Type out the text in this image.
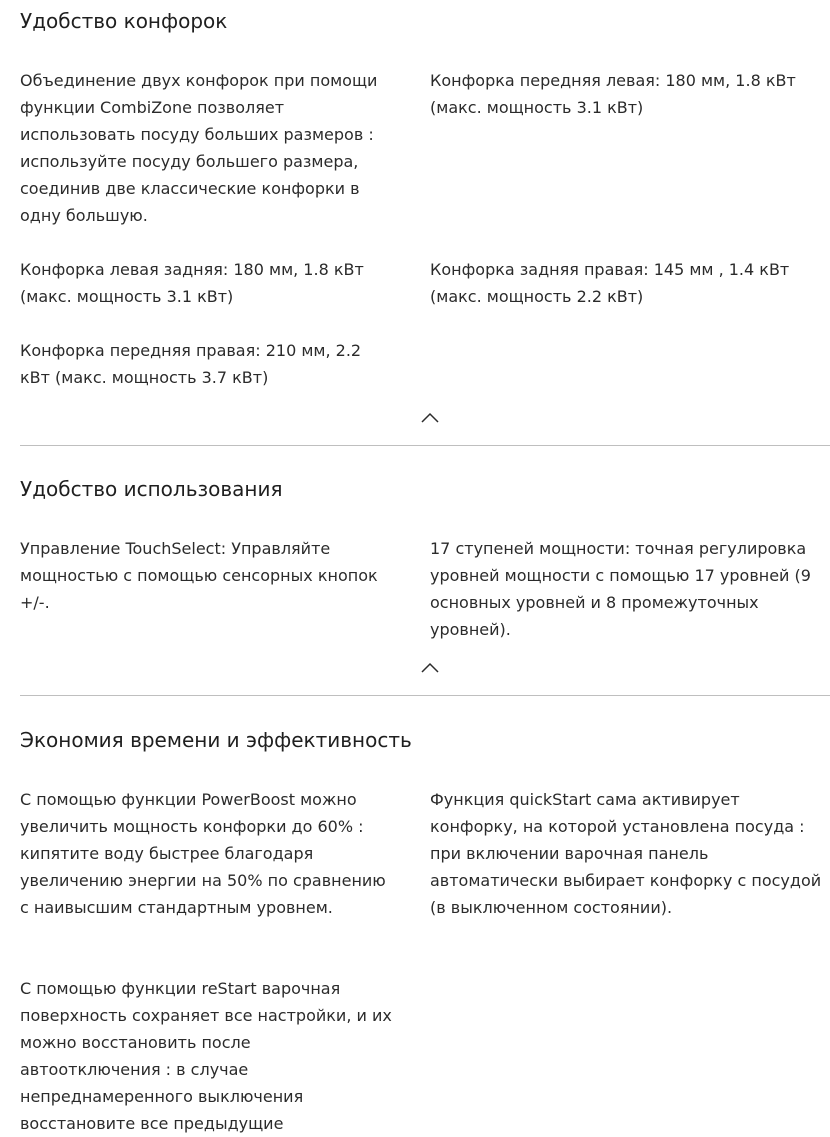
Удобство конфорок

Объединение двух конфорок при помощи функции CombiZone позволяет использовать посуду больших размеров : используйте посуду большего размера, соединив две классические конфорки в одну большую.

Конфорка передняя левая: 180 мм, 1.8 кВт (макс. мощность 3.1 кВт)

Конфорка левая задняя: 180 мм, 1.8 кВт (макс. мощность 3.1 кВт)

Конфорка задняя правая: 145 мм , 1.4 кВт (макс. мощность 2.2 кВт)

Конфорка передняя правая: 210 мм, 2.2 кВт (макс. мощность 3.7 кВт)

Удобство использования

Управление TouchSelect: Управляйте мощностью с помощью сенсорных кнопок +/-.

17 ступеней мощности: точная регулировка уровней мощности с помощью 17 уровней (9 основных уровней и 8 промежуточных уровней).

Экономия времени и эффективность

С помощью функции PowerBoost можно увеличить мощность конфорки до 60% : кипятите воду быстрее благодаря увеличению энергии на 50% по сравнению с наивысшим стандартным уровнем.

Функция quickStart сама активирует конфорку, на которой установлена посуда : при включении варочная панель автоматически выбирает конфорку с посудой (в выключенном состоянии).

С помощью функции reStart варочная поверхность сохраняет все настройки, и их можно восстановить после автоотключения : в случае непреднамеренного выключения восстановите все предыдущие
